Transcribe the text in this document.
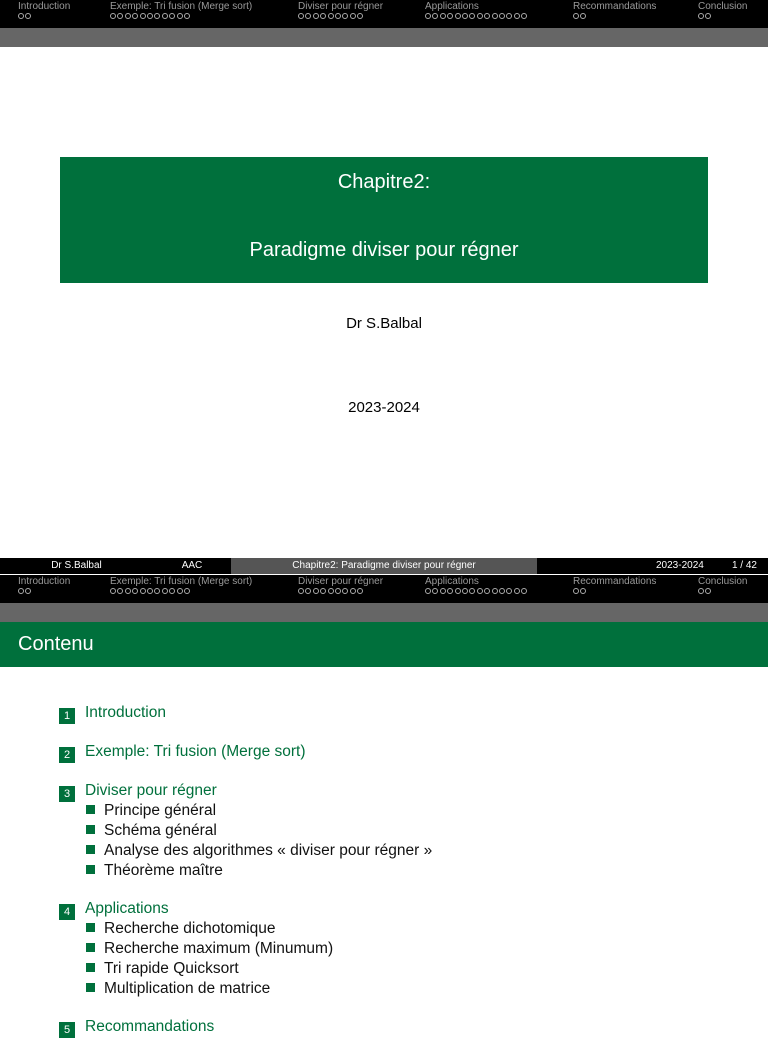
Introduction	Exemple: Tri fusion (Merge sort)	Diviser pour régner	Applications	Recommandations	Conclusion
Chapitre2:
Paradigme diviser pour régner
Dr S.Balbal
2023-2024
Dr S.Balbal	AAC	Chapitre2: Paradigme diviser pour régner	2023-2024	1 / 42
Introduction	Exemple: Tri fusion (Merge sort)	Diviser pour régner	Applications	Recommandations	Conclusion
Contenu
1 Introduction
2 Exemple: Tri fusion (Merge sort)
3 Diviser pour régner
Principe général
Schéma général
Analyse des algorithmes « diviser pour régner »
Théorème maître
4 Applications
Recherche dichotomique
Recherche maximum (Minumum)
Tri rapide Quicksort
Multiplication de matrice
5 Recommandations
